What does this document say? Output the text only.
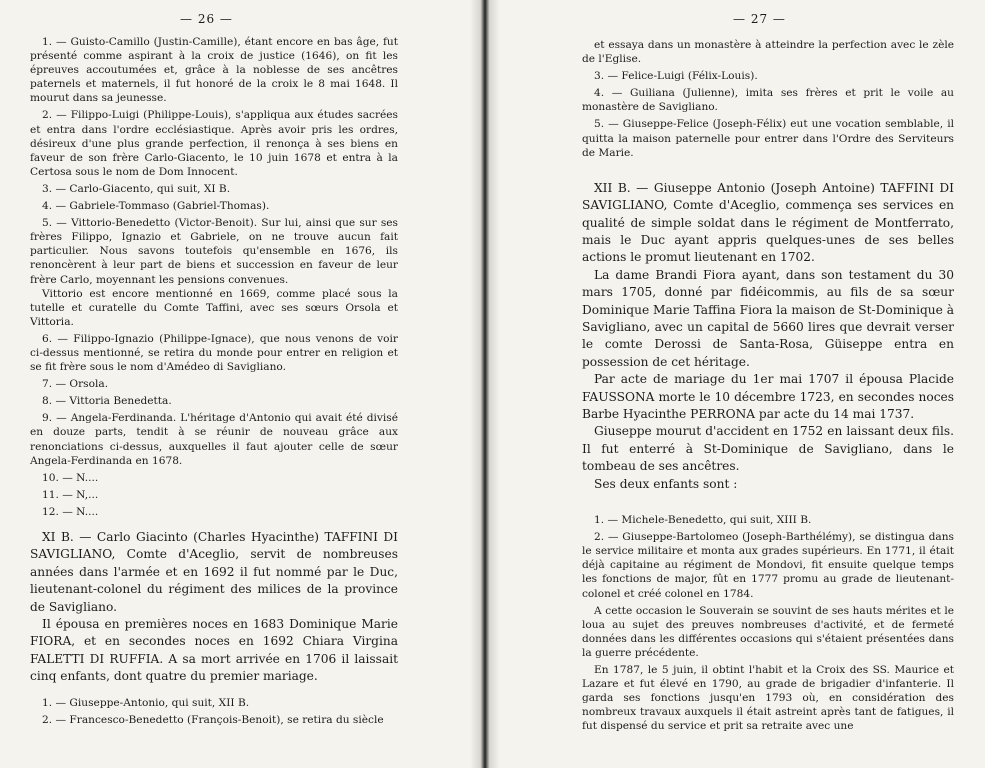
— 26 —

1. — Guisto-Camillo (Justin-Camille), étant encore en bas âge, fut présenté comme aspirant à la croix de justice (1646), on fit les épreuves accoutumées et, grâce à la noblesse de ses ancêtres paternels et maternels, il fut honoré de la croix le 8 mai 1648. Il mourut dans sa jeunesse.

2. — Filippo-Luigi (Philippe-Louis), s'appliqua aux études sacrées et entra dans l'ordre ecclésiastique. Après avoir pris les ordres, désireux d'une plus grande perfection, il renonça à ses biens en faveur de son frère Carlo-Giacento, le 10 juin 1678 et entra à la Certosa sous le nom de Dom Innocent.

3. — Carlo-Giacento, qui suit, XI B.

4. — Gabriele-Tommaso (Gabriel-Thomas).

5. — Vittorio-Benedetto (Victor-Benoit). Sur lui, ainsi que sur ses frères Filippo, Ignazio et Gabriele, on ne trouve aucun fait particulier. Nous savons toutefois qu'ensemble en 1676, ils renoncèrent à leur part de biens et succession en faveur de leur frère Carlo, moyennant les pensions convenues.

Vittorio est encore mentionné en 1669, comme placé sous la tutelle et curatelle du Comte Taffini, avec ses sœurs Orsola et Vittoria.

6. — Filippo-Ignazio (Philippe-Ignace), que nous venons de voir ci-dessus mentionné, se retira du monde pour entrer en religion et se fit frère sous le nom d'Amédeo di Savigliano.

7. — Orsola.

8. — Vittoria Benedetta.

9. — Angela-Ferdinanda. L'héritage d'Antonio qui avait été divisé en douze parts, tendit à se réunir de nouveau grâce aux renonciations ci-dessus, auxquelles il faut ajouter celle de sœur Angela-Ferdinanda en 1678.

10. — N....

11. — N,...

12. — N....

XI B. — Carlo Giacinto (Charles Hyacinthe) TAFFINI DI SAVIGLIANO, Comte d'Aceglio, servit de nombreuses années dans l'armée et en 1692 il fut nommé par le Duc, lieutenant-colonel du régiment des milices de la province de Savigliano.

Il épousa en premières noces en 1683 Dominique Marie FIORA, et en secondes noces en 1692 Chiara Virgina FALETTI DI RUFFIA. A sa mort arrivée en 1706 il laissait cinq enfants, dont quatre du premier mariage.

1. — Giuseppe-Antonio, qui suit, XII B.

2. — Francesco-Benedetto (François-Benoit), se retira du siècle

— 27 —

et essaya dans un monastère à atteindre la perfection avec le zèle de l'Eglise.

3. — Felice-Luigi (Félix-Louis).

4. — Guiliana (Julienne), imita ses frères et prit le voile au monastère de Savigliano.

5. — Giuseppe-Felice (Joseph-Félix) eut une vocation semblable, il quitta la maison paternelle pour entrer dans l'Ordre des Serviteurs de Marie.

XII B. — Giuseppe Antonio (Joseph Antoine) TAFFINI DI SAVIGLIANO, Comte d'Aceglio, commença ses services en qualité de simple soldat dans le régiment de Montferrato, mais le Duc ayant appris quelques-unes de ses belles actions le promut lieutenant en 1702.

La dame Brandi Fiora ayant, dans son testament du 30 mars 1705, donné par fidéicommis, au fils de sa sœur Dominique Marie Taffina Fiora la maison de St-Dominique à Savigliano, avec un capital de 5660 lires que devrait verser le comte Derossi de Santa-Rosa, Güiseppe entra en possession de cet héritage.

Par acte de mariage du 1er mai 1707 il épousa Placide FAUSSONA morte le 10 décembre 1723, en secondes noces Barbe Hyacinthe PERRONA par acte du 14 mai 1737.

Giuseppe mourut d'accident en 1752 en laissant deux fils. Il fut enterré à St-Dominique de Savigliano, dans le tombeau de ses ancêtres.

Ses deux enfants sont :

1. — Michele-Benedetto, qui suit, XIII B.

2. — Giuseppe-Bartolomeo (Joseph-Barthélémy), se distingua dans le service militaire et monta aux grades supérieurs. En 1771, il était déjà capitaine au régiment de Mondovi, fit ensuite quelque temps les fonctions de major, fût en 1777 promu au grade de lieutenant-colonel et créé colonel en 1784.

A cette occasion le Souverain se souvint de ses hauts mérites et le loua au sujet des preuves nombreuses d'activité, et de fermeté données dans les différentes occasions qui s'étaient présentées dans la guerre précédente.

En 1787, le 5 juin, il obtint l'habit et la Croix des SS. Maurice et Lazare et fut élevé en 1790, au grade de brigadier d'infanterie. Il garda ses fonctions jusqu'en 1793 où, en considération des nombreux travaux auxquels il était astreint après tant de fatigues, il fut dispensé du service et prit sa retraite avec une
